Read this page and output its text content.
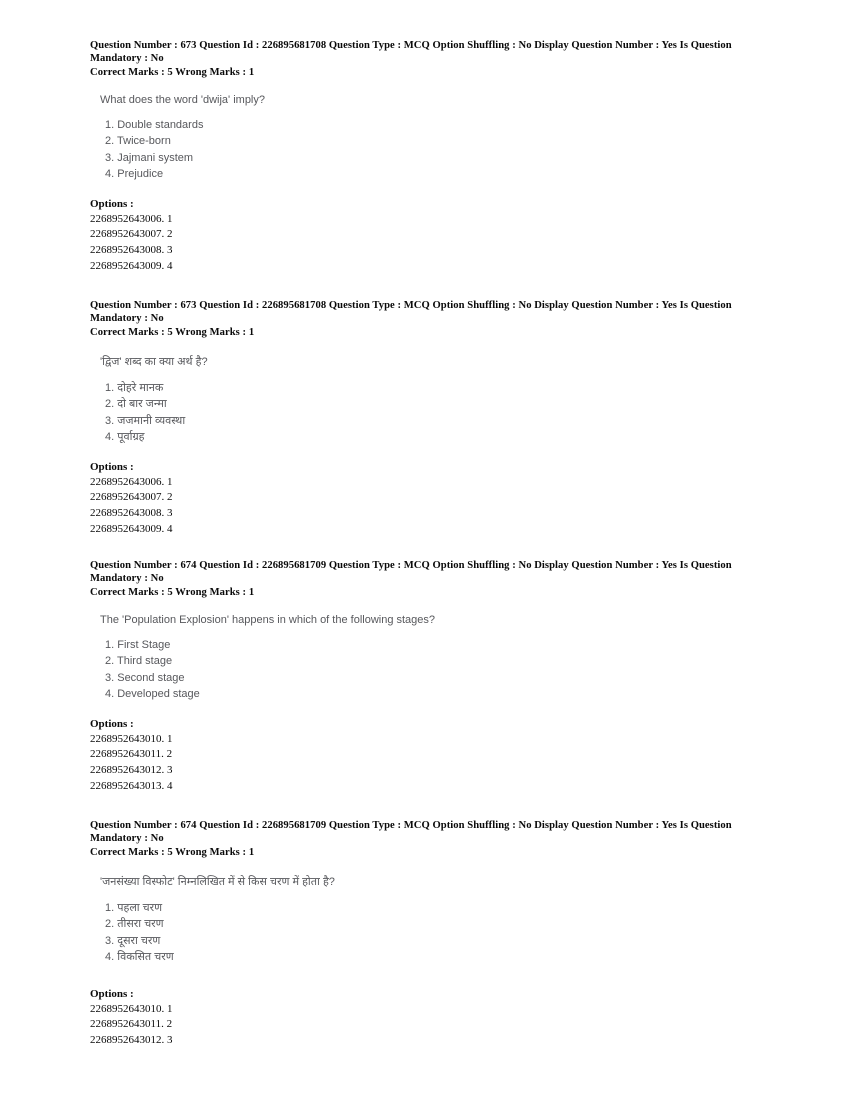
Question Number : 673 Question Id : 226895681708 Question Type : MCQ Option Shuffling : No Display Question Number : Yes Is Question
Mandatory : No
Correct Marks : 5 Wrong Marks : 1
What does the word 'dwija' imply?
1. Double standards
2. Twice-born
3. Jajmani system
4. Prejudice
Options :
2268952643006. 1
2268952643007. 2
2268952643008. 3
2268952643009. 4
Question Number : 673 Question Id : 226895681708 Question Type : MCQ Option Shuffling : No Display Question Number : Yes Is Question
Mandatory : No
Correct Marks : 5 Wrong Marks : 1
'द्विज' शब्द का क्या अर्थ है?
1. दोहरे मानक
2. दो बार जन्मा
3. जजमानी व्यवस्था
4. पूर्वाग्रह
Options :
2268952643006. 1
2268952643007. 2
2268952643008. 3
2268952643009. 4
Question Number : 674 Question Id : 226895681709 Question Type : MCQ Option Shuffling : No Display Question Number : Yes Is Question
Mandatory : No
Correct Marks : 5 Wrong Marks : 1
The 'Population Explosion' happens in which of the following stages?
1. First Stage
2. Third stage
3. Second stage
4. Developed stage
Options :
2268952643010. 1
2268952643011. 2
2268952643012. 3
2268952643013. 4
Question Number : 674 Question Id : 226895681709 Question Type : MCQ Option Shuffling : No Display Question Number : Yes Is Question
Mandatory : No
Correct Marks : 5 Wrong Marks : 1
'जनसंख्या विस्फोट' निम्नलिखित में से किस चरण में होता है?
1. पहला चरण
2. तीसरा चरण
3. दूसरा चरण
4. विकसित चरण
Options :
2268952643010. 1
2268952643011. 2
2268952643012. 3
